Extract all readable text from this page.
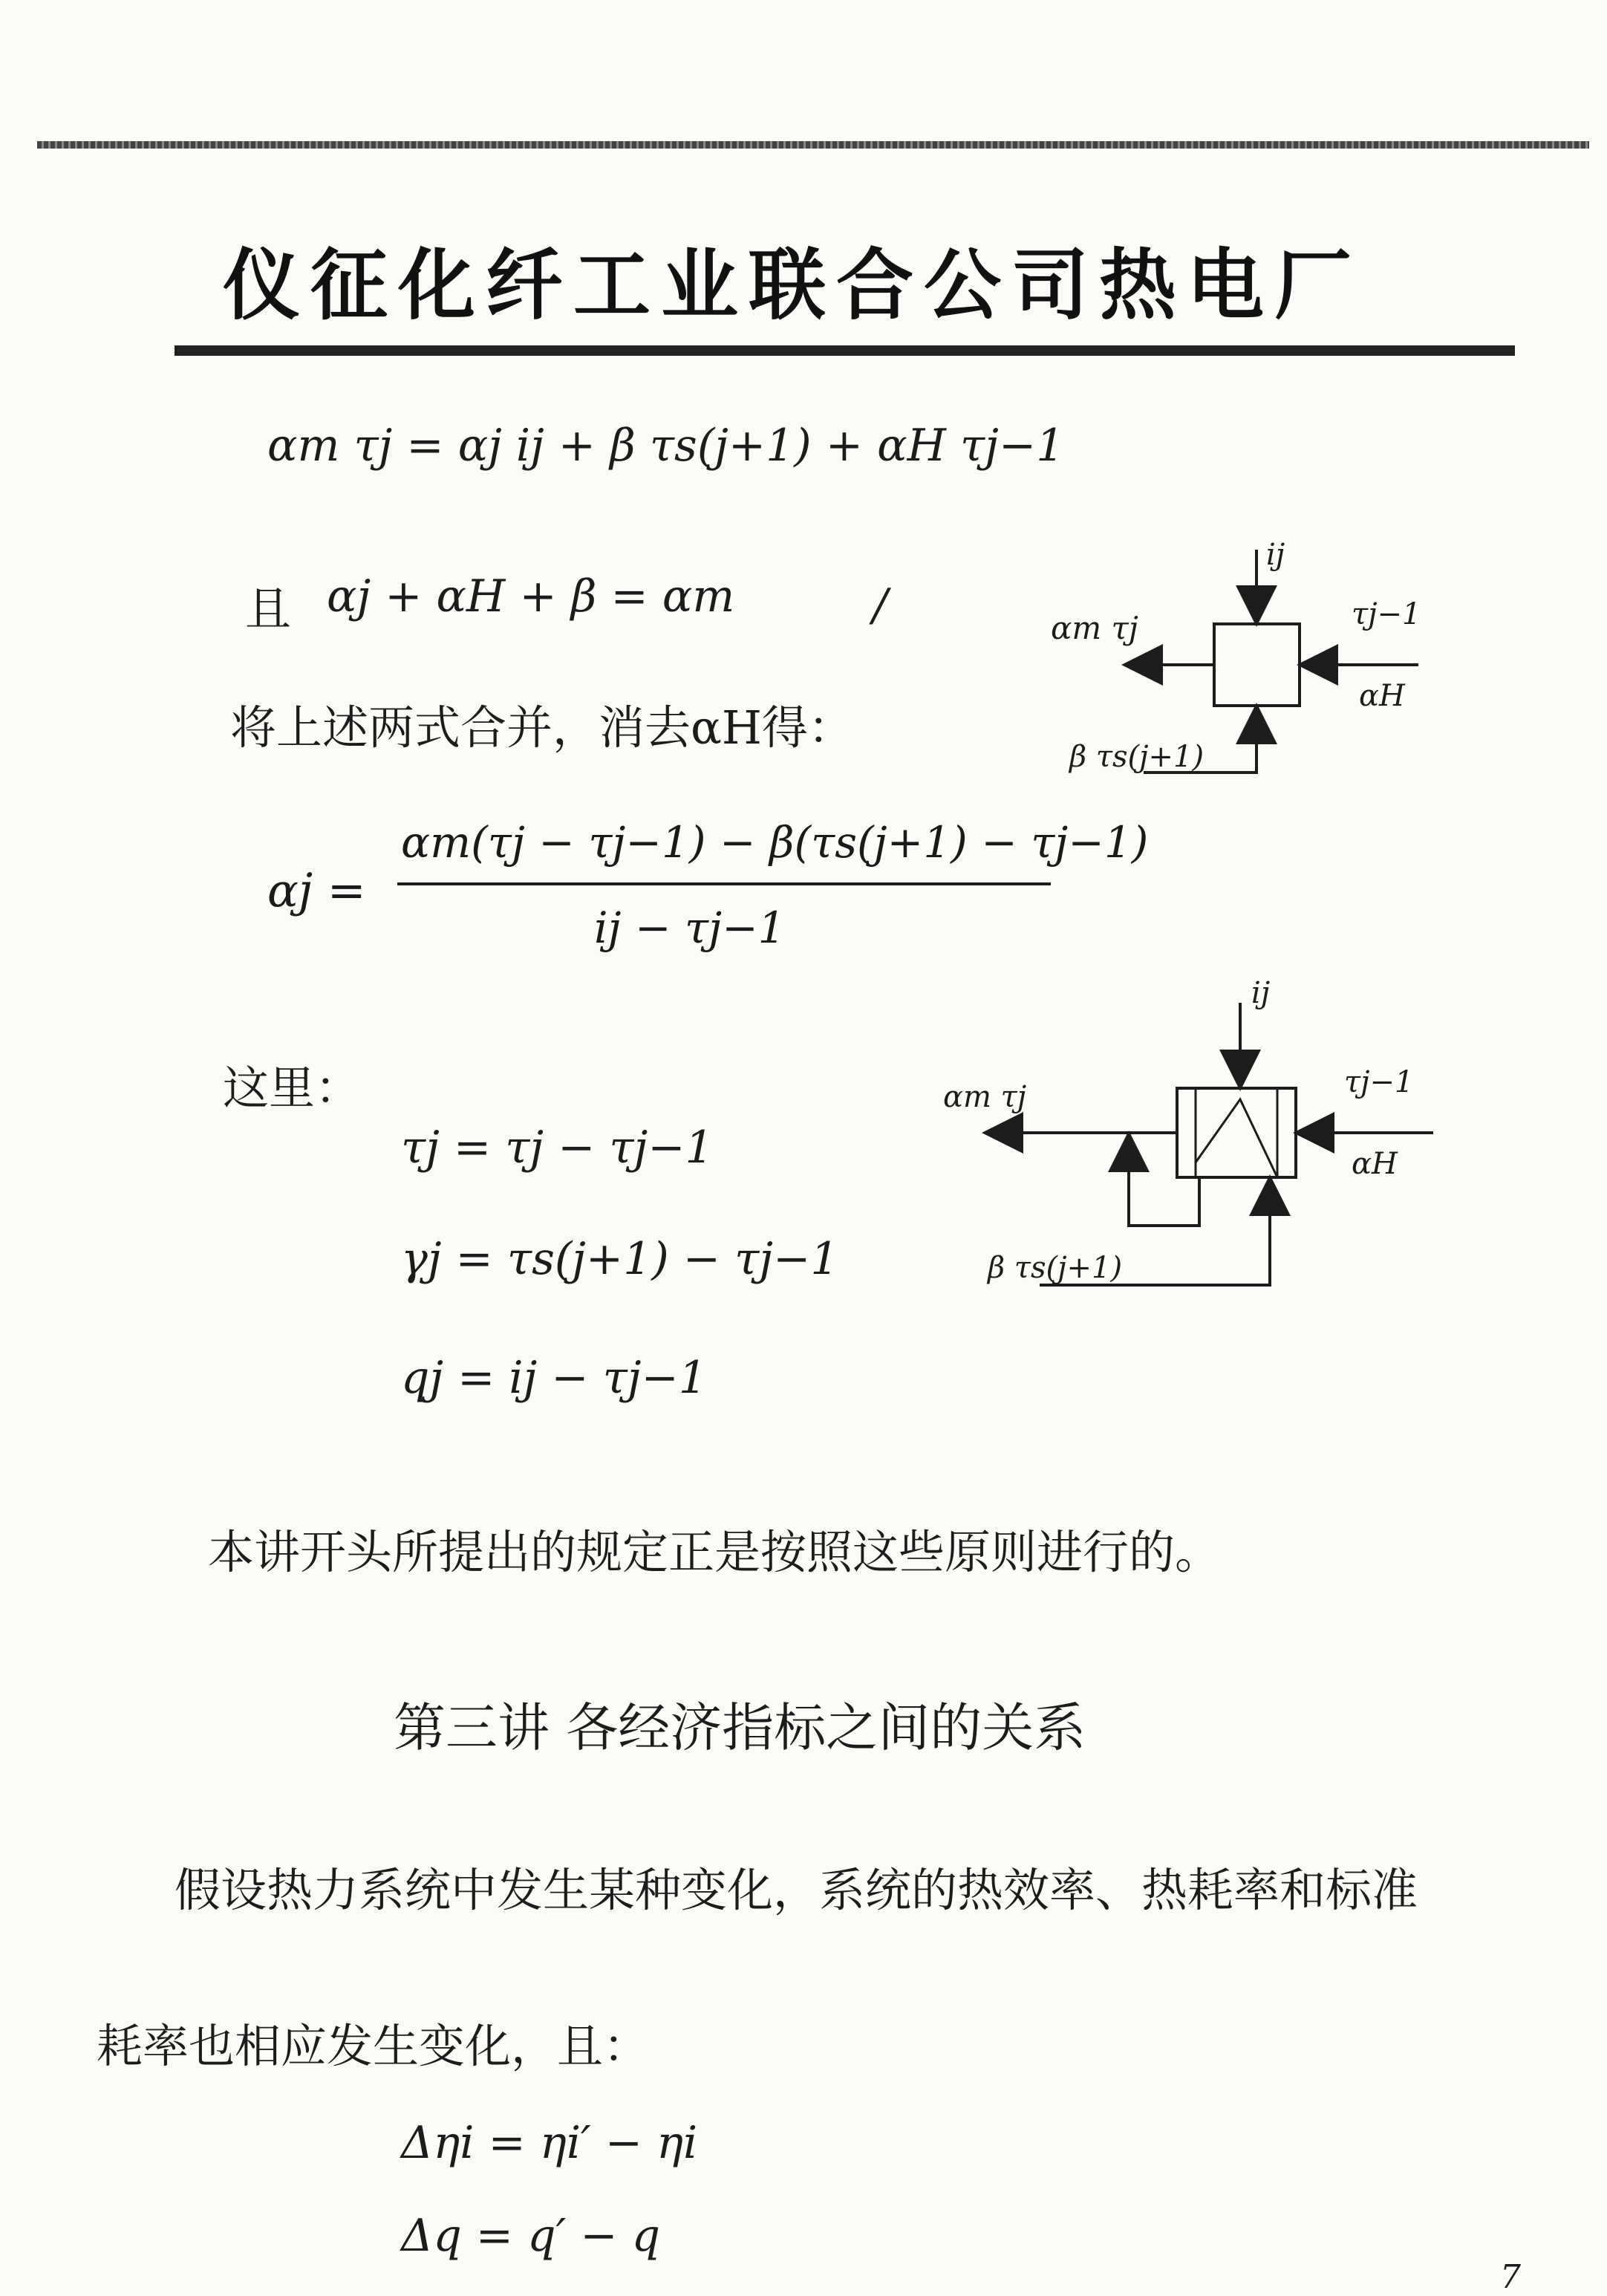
仪征化纤工业联合公司热电厂
αm τj = αj ij + β τs(j+1) + αH τj−1
且 αj + αH + β = αm	/
将上述两式合并，消去αH得：
αj =
αm(τj − τj−1) − β(τs(j+1) − τj−1)
ij − τj−1
这里：
τj = τj − τj−1
γj = τs(j+1) − τj−1
qj = ij − τj−1
αm τj
ij
τj−1
αH
β τs(j+1)
αm τj
ij
τj−1
αH
β τs(j+1)
本讲开头所提出的规定正是按照这些原则进行的。
第三讲 各经济指标之间的关系
假设热力系统中发生某种变化，系统的热效率、热耗率和标准
耗率也相应发生变化，且：
Δηi = ηi′ − ηi
Δq = q′ − q
7
